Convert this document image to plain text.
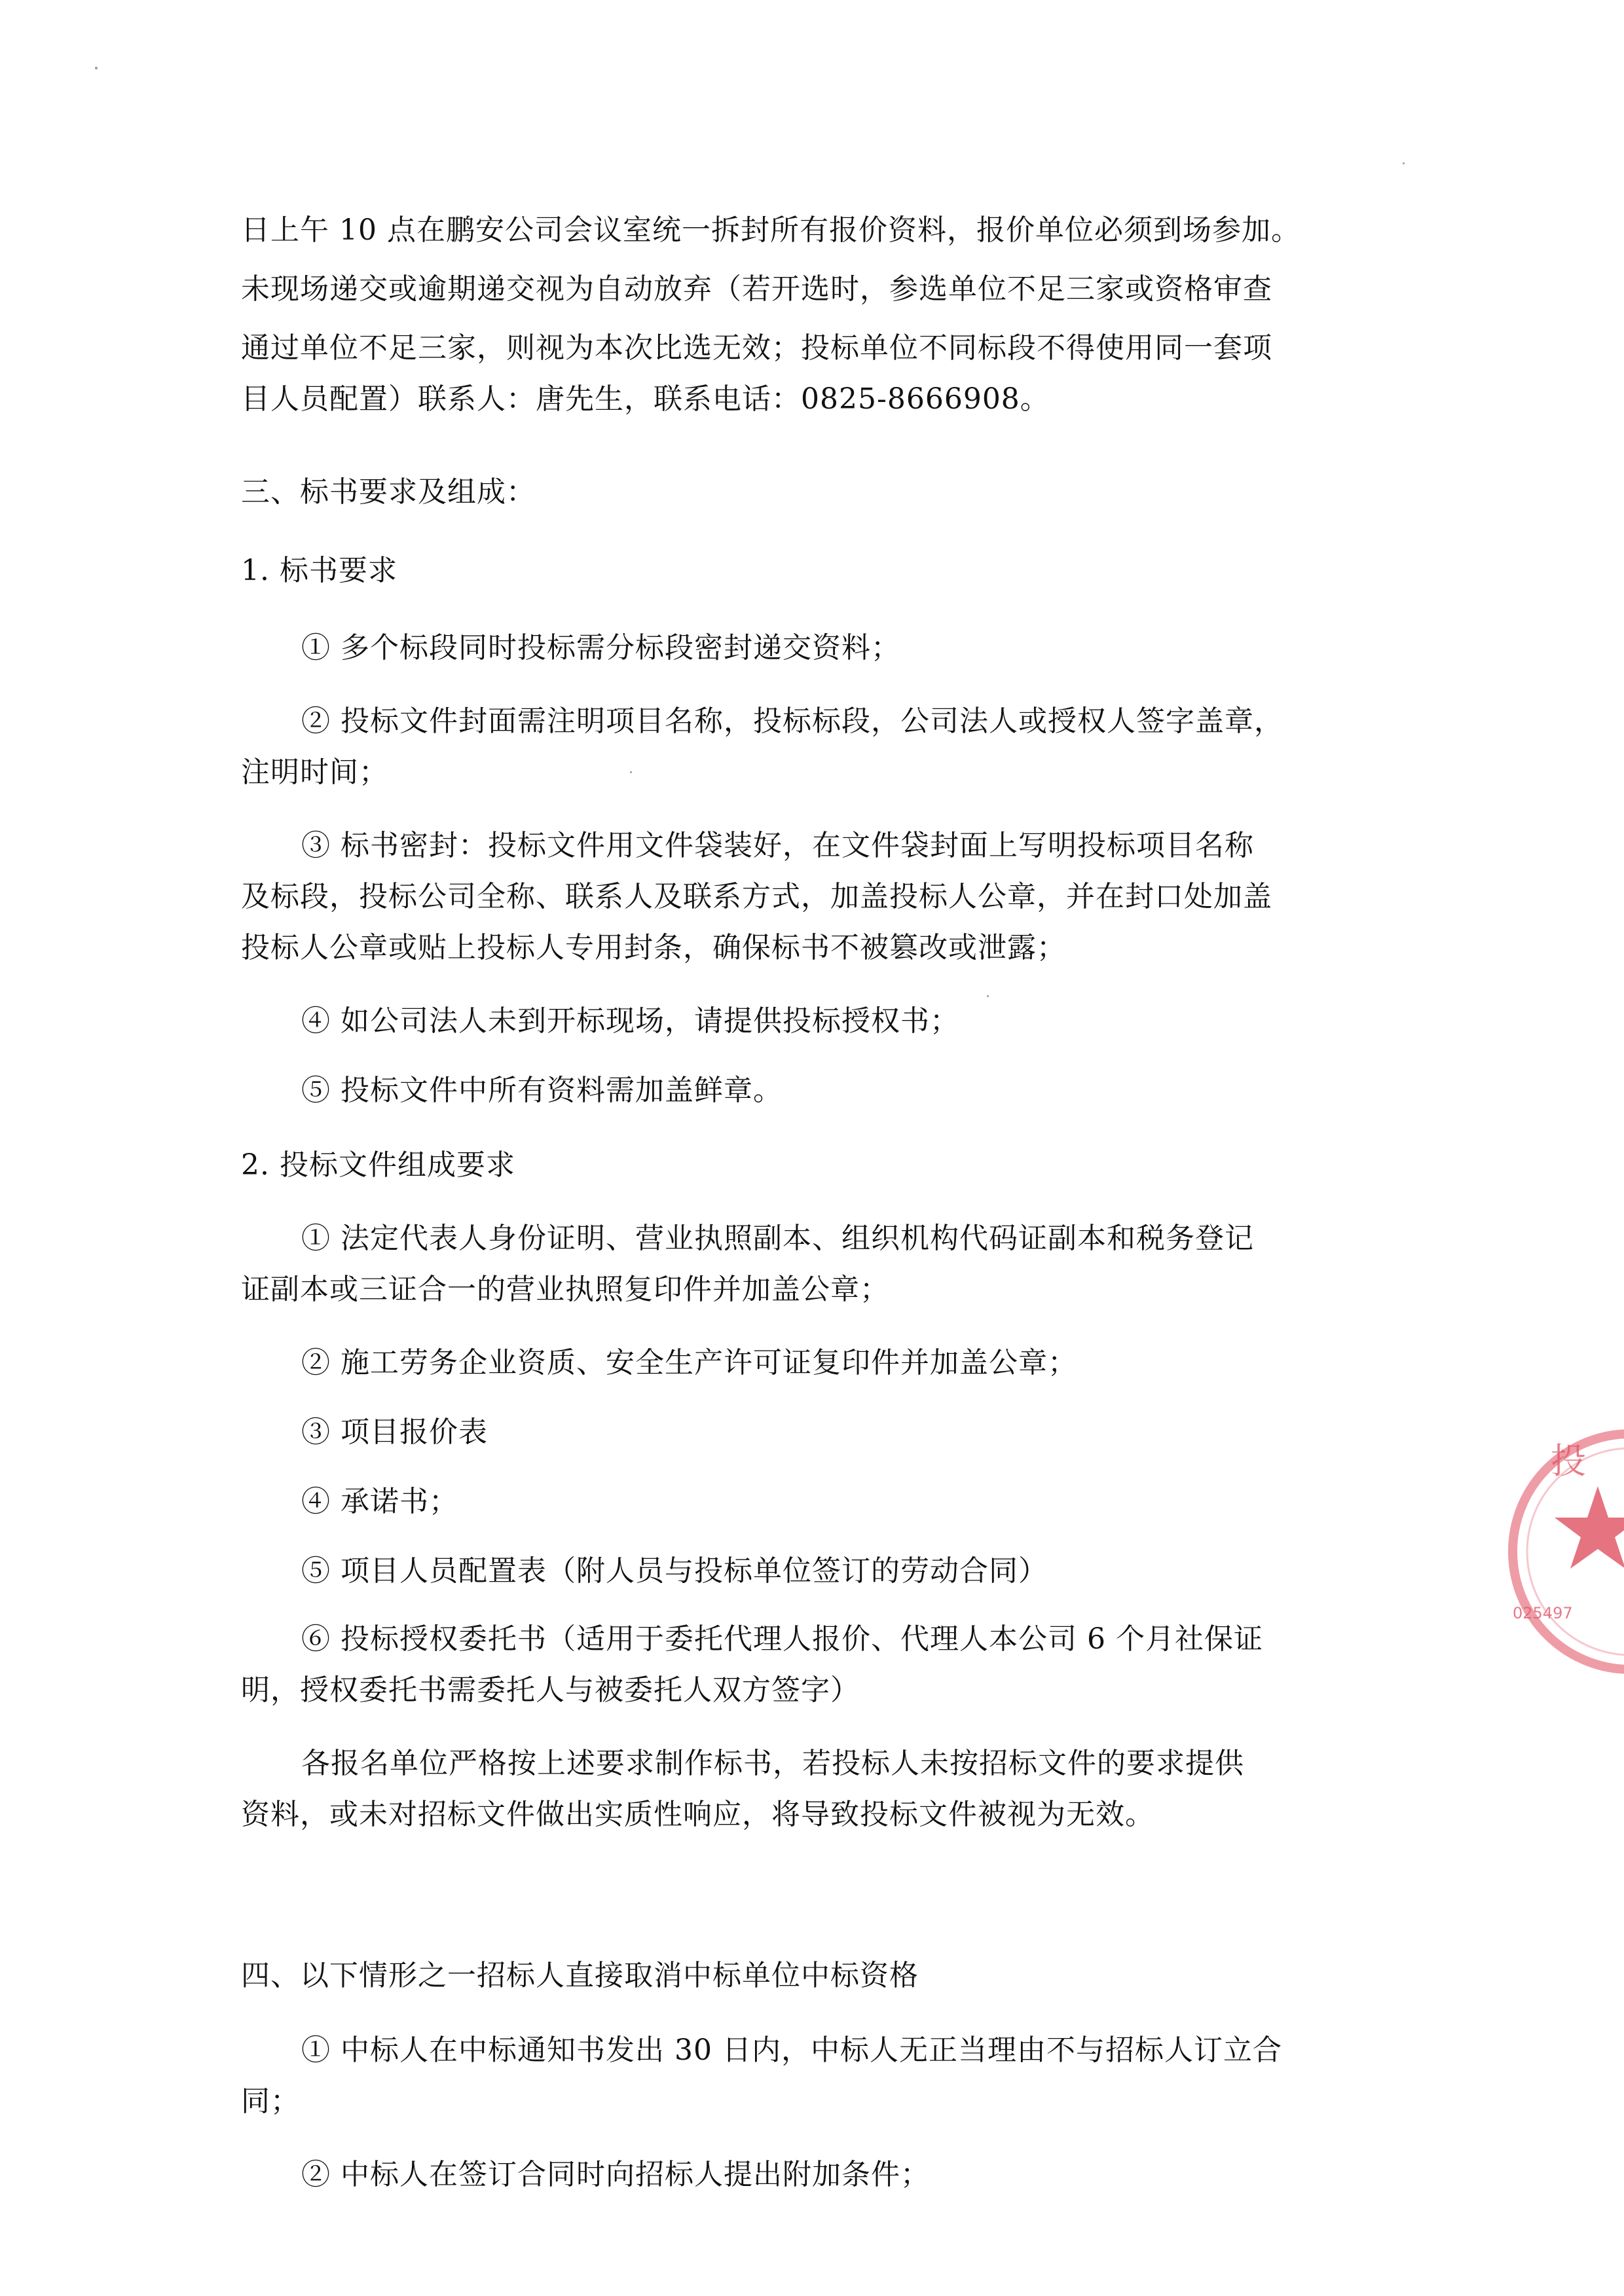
日上午 10 点在鹏安公司会议室统一拆封所有报价资料，报价单位必须到场参加。
未现场递交或逾期递交视为自动放弃（若开选时，参选单位不足三家或资格审查
通过单位不足三家，则视为本次比选无效；投标单位不同标段不得使用同一套项
目人员配置）联系人：唐先生，联系电话：0825-8666908。
三、标书要求及组成：
1. 标书要求
① 多个标段同时投标需分标段密封递交资料；
② 投标文件封面需注明项目名称，投标标段，公司法人或授权人签字盖章，
注明时间；
③ 标书密封：投标文件用文件袋装好，在文件袋封面上写明投标项目名称
及标段，投标公司全称、联系人及联系方式，加盖投标人公章，并在封口处加盖
投标人公章或贴上投标人专用封条，确保标书不被篡改或泄露；
④ 如公司法人未到开标现场，请提供投标授权书；
⑤ 投标文件中所有资料需加盖鲜章。
2. 投标文件组成要求
① 法定代表人身份证明、营业执照副本、组织机构代码证副本和税务登记
证副本或三证合一的营业执照复印件并加盖公章；
② 施工劳务企业资质、安全生产许可证复印件并加盖公章；
③ 项目报价表
④ 承诺书；
⑤ 项目人员配置表（附人员与投标单位签订的劳动合同）
⑥ 投标授权委托书（适用于委托代理人报价、代理人本公司 6 个月社保证
明，授权委托书需委托人与被委托人双方签字）
各报名单位严格按上述要求制作标书，若投标人未按招标文件的要求提供
资料，或未对招标文件做出实质性响应，将导致投标文件被视为无效。
四、以下情形之一招标人直接取消中标单位中标资格
① 中标人在中标通知书发出 30 日内，中标人无正当理由不与招标人订立合
同；
② 中标人在签订合同时向招标人提出附加条件；
投
025497
